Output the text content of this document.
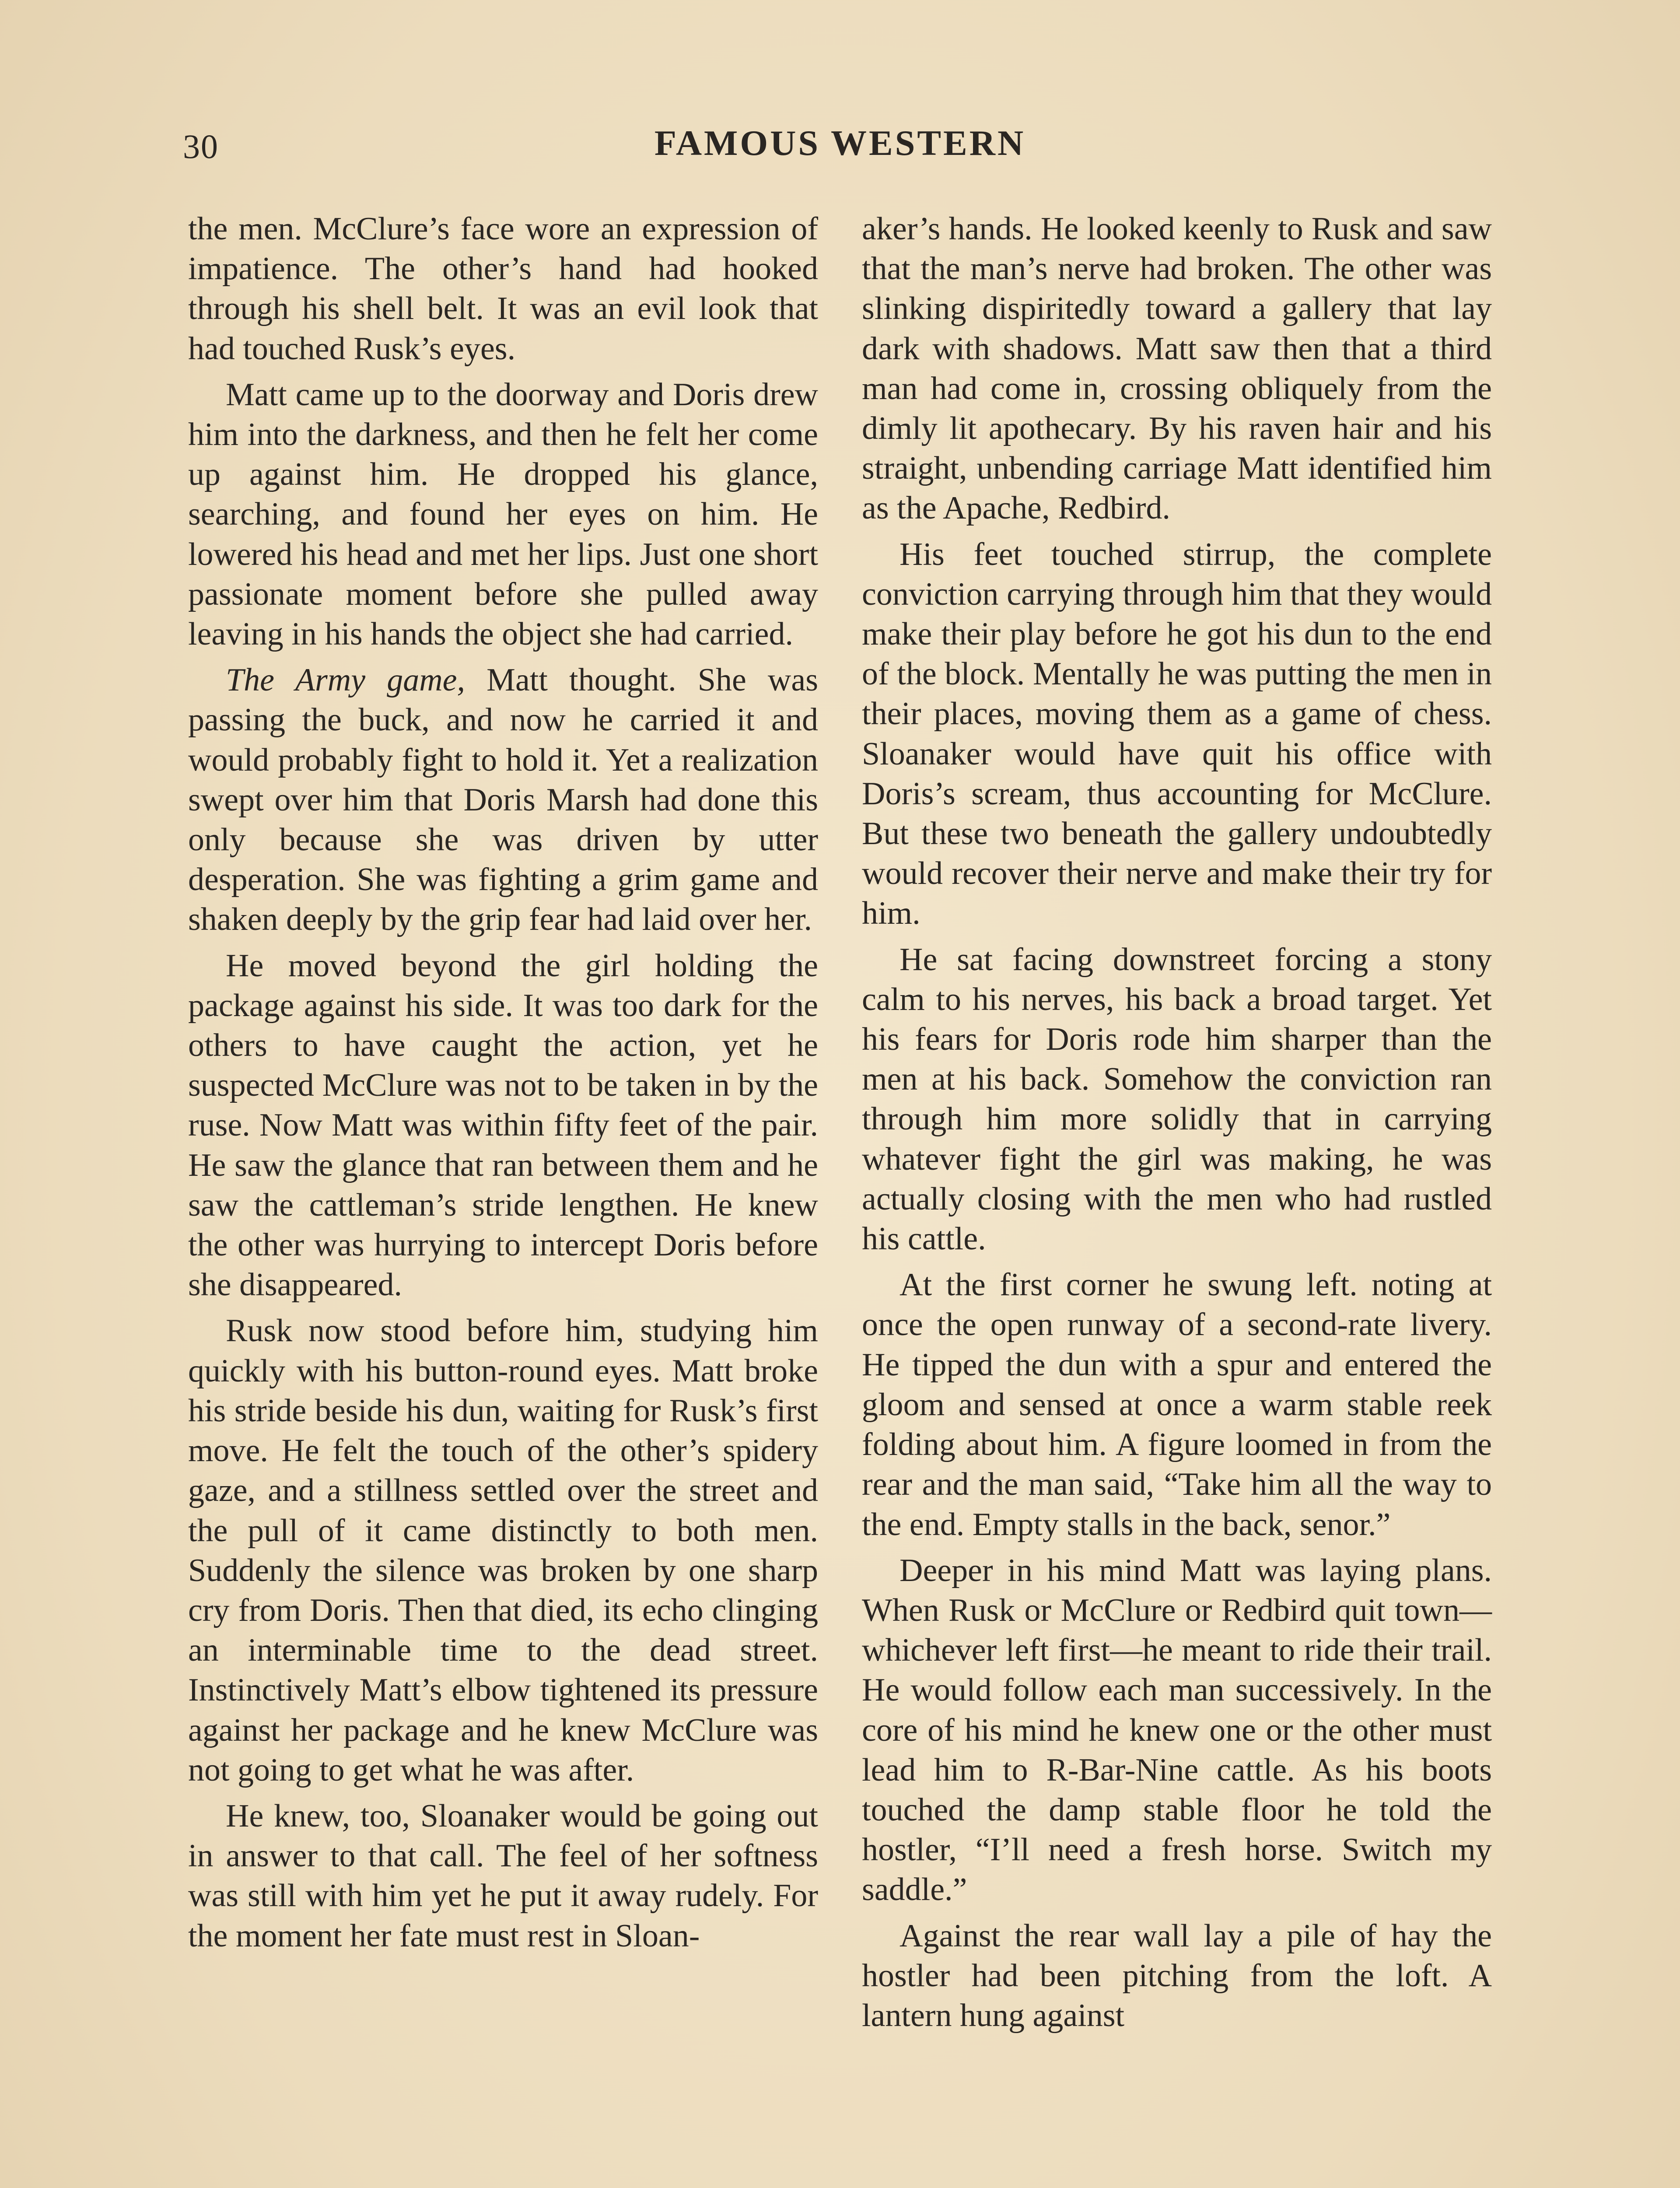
30	FAMOUS WESTERN

the men. McClure’s face wore an expression of impatience. The other’s hand had hooked through his shell belt. It was an evil look that had touched Rusk’s eyes.

Matt came up to the doorway and Doris drew him into the darkness, and then he felt her come up against him. He dropped his glance, searching, and found her eyes on him. He lowered his head and met her lips. Just one short passionate moment before she pulled away leaving in his hands the object she had carried.

The Army game, Matt thought. She was passing the buck, and now he carried it and would probably fight to hold it. Yet a realization swept over him that Doris Marsh had done this only because she was driven by utter desperation. She was fighting a grim game and shaken deeply by the grip fear had laid over her.

He moved beyond the girl holding the package against his side. It was too dark for the others to have caught the action, yet he suspected McClure was not to be taken in by the ruse. Now Matt was within fifty feet of the pair. He saw the glance that ran between them and he saw the cattleman’s stride lengthen. He knew the other was hurrying to intercept Doris before she disappeared.

Rusk now stood before him, studying him quickly with his button-round eyes. Matt broke his stride beside his dun, waiting for Rusk’s first move. He felt the touch of the other’s spidery gaze, and a stillness settled over the street and the pull of it came distinctly to both men. Suddenly the silence was broken by one sharp cry from Doris. Then that died, its echo clinging an interminable time to the dead street. Instinctively Matt’s elbow tightened its pressure against her package and he knew McClure was not going to get what he was after.

He knew, too, Sloanaker would be going out in answer to that call. The feel of her softness was still with him yet he put it away rudely. For the moment her fate must rest in Sloan-

aker’s hands. He looked keenly to Rusk and saw that the man’s nerve had broken. The other was slinking dispiritedly toward a gallery that lay dark with shadows. Matt saw then that a third man had come in, crossing obliquely from the dimly lit apothecary. By his raven hair and his straight, unbending carriage Matt identified him as the Apache, Redbird.

His feet touched stirrup, the complete conviction carrying through him that they would make their play before he got his dun to the end of the block. Mentally he was putting the men in their places, moving them as a game of chess. Sloanaker would have quit his office with Doris’s scream, thus accounting for McClure. But these two beneath the gallery undoubtedly would recover their nerve and make their try for him.

He sat facing downstreet forcing a stony calm to his nerves, his back a broad target. Yet his fears for Doris rode him sharper than the men at his back. Somehow the conviction ran through him more solidly that in carrying whatever fight the girl was making, he was actually closing with the men who had rustled his cattle.

At the first corner he swung left. noting at once the open runway of a second-rate livery. He tipped the dun with a spur and entered the gloom and sensed at once a warm stable reek folding about him. A figure loomed in from the rear and the man said, “Take him all the way to the end. Empty stalls in the back, senor.”

Deeper in his mind Matt was laying plans. When Rusk or McClure or Redbird quit town—whichever left first—he meant to ride their trail. He would follow each man successively. In the core of his mind he knew one or the other must lead him to R-Bar-Nine cattle. As his boots touched the damp stable floor he told the hostler, “I’ll need a fresh horse. Switch my saddle.”

Against the rear wall lay a pile of hay the hostler had been pitching from the loft. A lantern hung against
